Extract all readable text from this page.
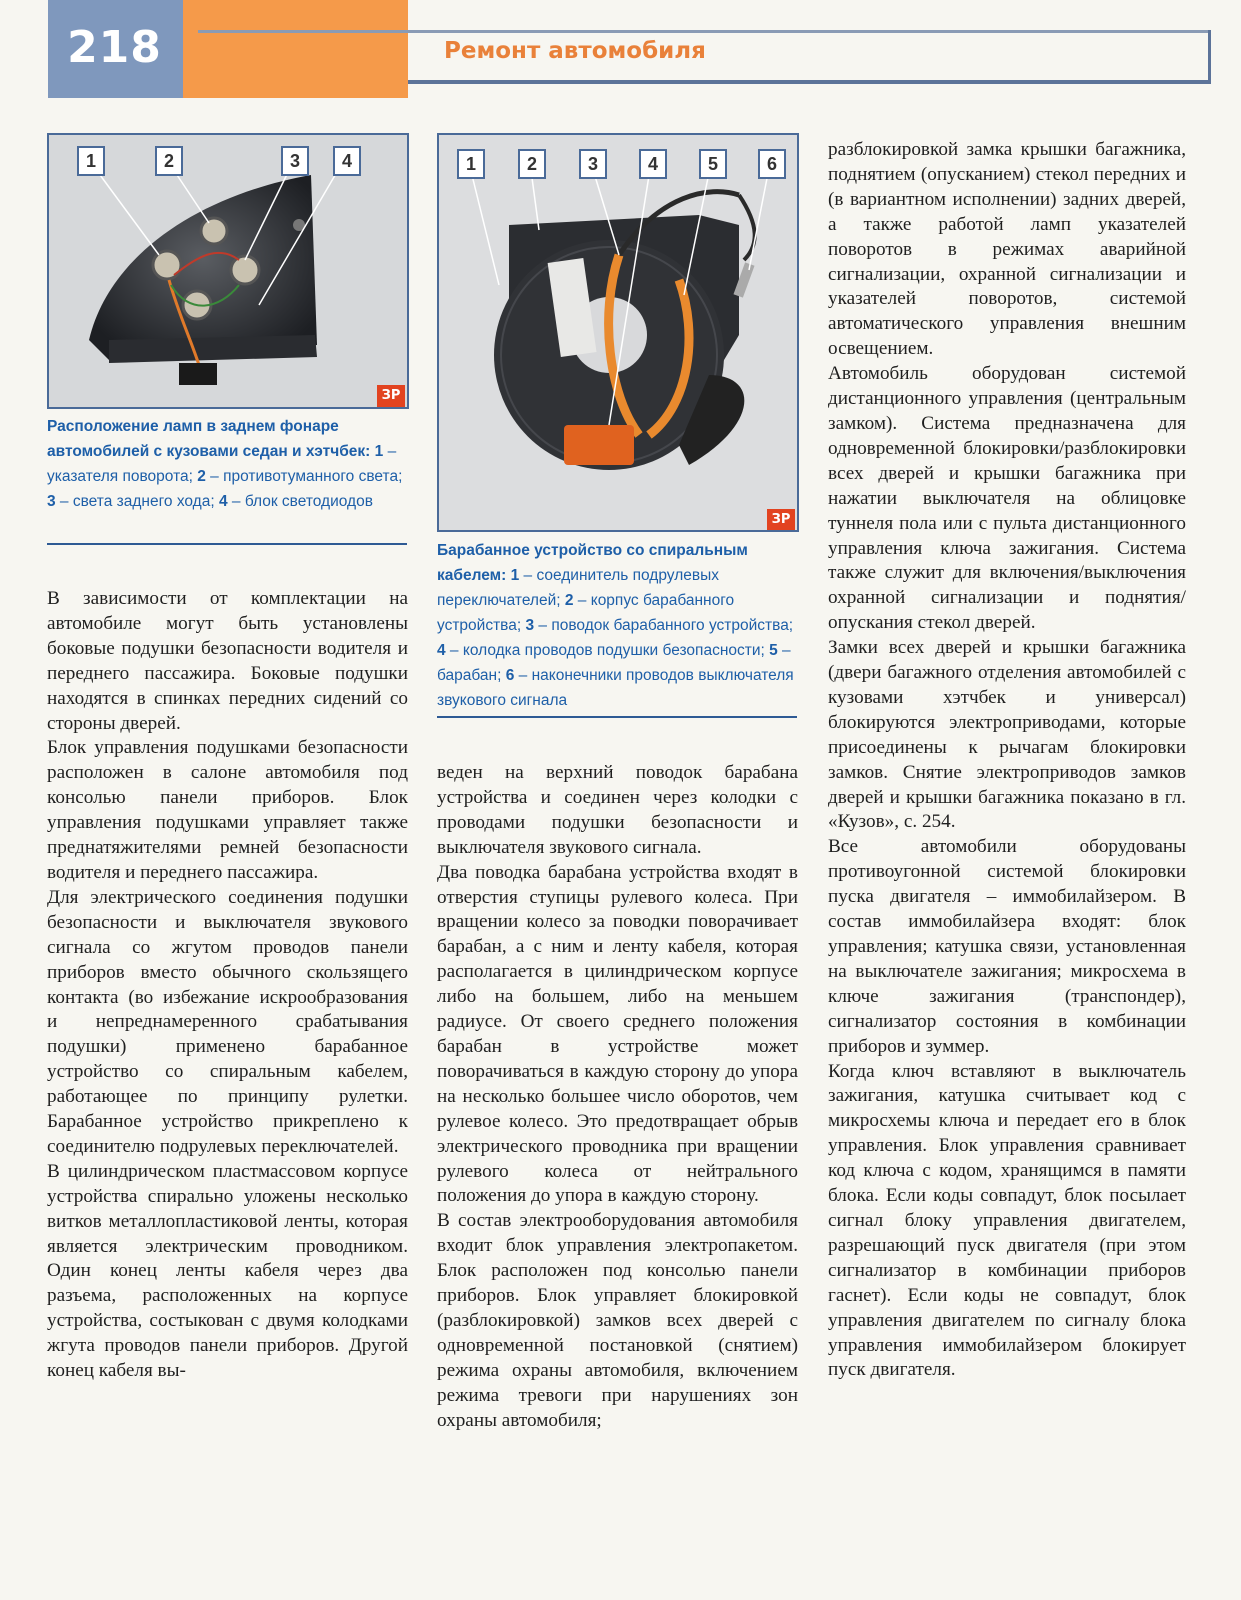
218	Ремонт автомобиля
1	2	3	4
ЗР
Расположение ламп в заднем фонаре автомобилей с кузовами седан и хэтчбек: 1 – указателя поворота; 2 – противотуманного света; 3 – света заднего хода; 4 – блок светодиодов
1	2	3	4	5	6
ЗР
Барабанное устройство со спиральным кабелем: 1 – соединитель подрулевых переключателей; 2 – корпус барабанного устройства; 3 – поводок барабанного устройства; 4 – колодка проводов подушки безопасности; 5 – барабан; 6 – наконечники проводов выключателя звукового сигнала

В зависимости от комплектации на автомобиле могут быть установлены боковые подушки безопасности водителя и переднего пассажира. Боковые подушки находятся в спинках передних сидений со стороны дверей.

Блок управления подушками безопасности расположен в салоне автомобиля под консолью панели приборов. Блок управления подушками управляет также преднатяжителями ремней безопасности водителя и переднего пассажира.

Для электрического соединения подушки безопасности и выключателя звукового сигнала со жгутом проводов панели приборов вместо обычного скользящего контакта (во избежание искрообразования и непреднамеренного срабатывания подушки) применено барабанное устройство со спиральным кабелем, работающее по принципу рулетки. Барабанное устройство прикреплено к соединителю подрулевых переключателей.

В цилиндрическом пластмассовом корпусе устройства спирально уложены несколько витков металлопластиковой ленты, которая является электрическим проводником. Один конец ленты кабеля через два разъема, расположенных на корпусе устройства, состыкован с двумя колодками жгута проводов панели приборов. Другой конец кабеля вы-

веден на верхний поводок барабана устройства и соединен через колодки с проводами подушки безопасности и выключателя звукового сигнала.

Два поводка барабана устройства входят в отверстия ступицы рулевого колеса. При вращении колесо за поводки поворачивает барабан, а с ним и ленту кабеля, которая располагается в цилиндрическом корпусе либо на большем, либо на меньшем радиусе. От своего среднего положения барабан в устройстве может поворачиваться в каждую сторону до упора на несколько большее число оборотов, чем рулевое колесо. Это предотвращает обрыв электрического проводника при вращении рулевого колеса от нейтрального положения до упора в каждую сторону.

В состав электрооборудования автомобиля входит блок управления электропакетом. Блок расположен под консолью панели приборов. Блок управляет блокировкой (разблокировкой) замков всех дверей с одновременной постановкой (снятием) режима охраны автомобиля, включением режима тревоги при нарушениях зон охраны автомобиля;

разблокировкой замка крышки багажника, поднятием (опусканием) стекол передних и (в вариантном исполнении) задних дверей, а также работой ламп указателей поворотов в режимах аварийной сигнализации, охранной сигнализации и указателей поворотов, системой автоматического управления внешним освещением.

Автомобиль оборудован системой дистанционного управления (центральным замком). Система предназначена для одновременной блокировки/разблокировки всех дверей и крышки багажника при нажатии выключателя на облицовке туннеля пола или с пульта дистанционного управления ключа зажигания. Система также служит для включения/выключения охранной сигнализации и поднятия/опускания стекол дверей.

Замки всех дверей и крышки багажника (двери багажного отделения автомобилей с кузовами хэтчбек и универсал) блокируются электроприводами, которые присоединены к рычагам блокировки замков. Снятие электроприводов замков дверей и крышки багажника показано в гл. «Кузов», с. 254.

Все автомобили оборудованы противоугонной системой блокировки пуска двигателя – иммобилайзером. В состав иммобилайзера входят: блок управления; катушка связи, установленная на выключателе зажигания; микросхема в ключе зажигания (транспондер), сигнализатор состояния в комбинации приборов и зуммер.

Когда ключ вставляют в выключатель зажигания, катушка считывает код с микросхемы ключа и передает его в блок управления. Блок управления сравнивает код ключа с кодом, хранящимся в памяти блока. Если коды совпадут, блок посылает сигнал блоку управления двигателем, разрешающий пуск двигателя (при этом сигнализатор в комбинации приборов гаснет). Если коды не совпадут, блок управления двигателем по сигналу блока управления иммобилайзером блокирует пуск двигателя.
